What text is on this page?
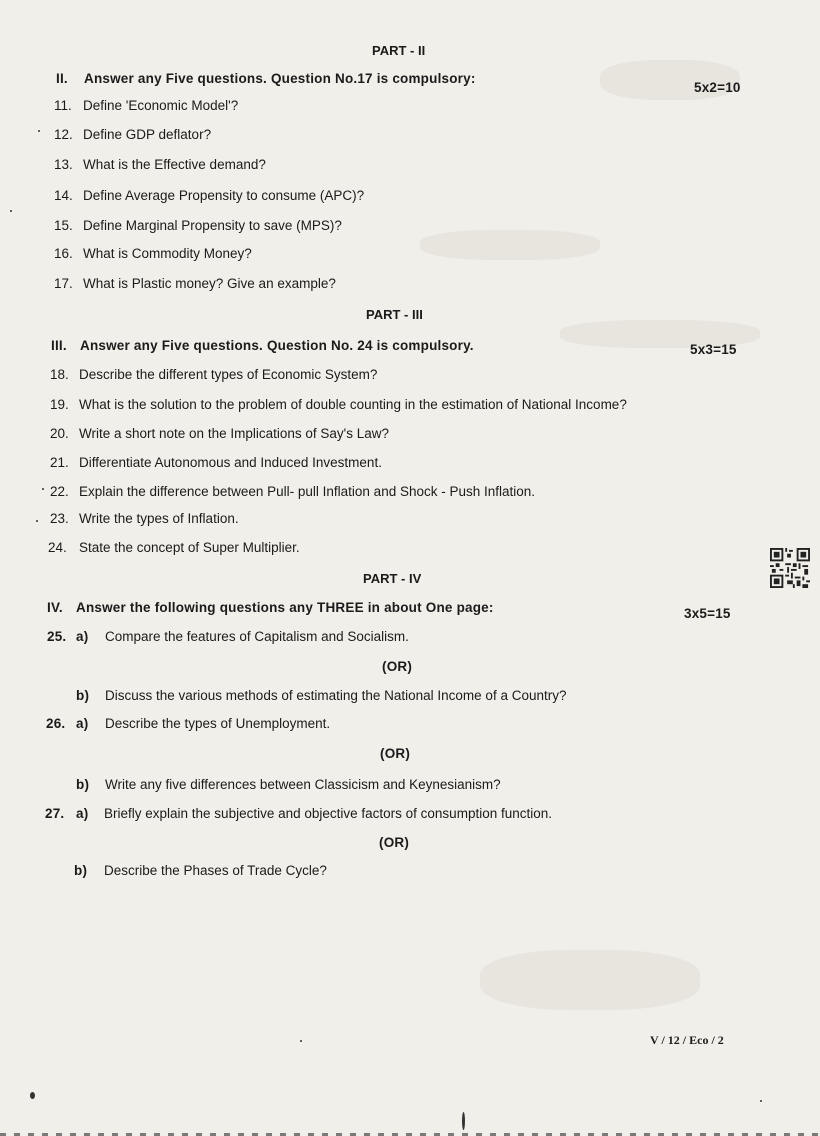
PART - II
II. Answer any Five questions. Question No.17 is compulsory:
5x2=10
11. Define 'Economic Model'?
12. Define GDP deflator?
13. What is the Effective demand?
14. Define Average Propensity to consume (APC)?
15. Define Marginal Propensity to save (MPS)?
16. What is Commodity Money?
17. What is Plastic money? Give an example?
PART - III
III. Answer any Five questions. Question No. 24 is compulsory.	5x3=15
18. Describe the different types of Economic System?
19. What is the solution to the problem of double counting in the estimation of National Income?
20. Write a short note on the Implications of Say's Law?
21. Differentiate Autonomous and Induced Investment.
22. Explain the difference between Pull- pull Inflation and Shock - Push Inflation.
23. Write the types of Inflation.
24. State the concept of Super Multiplier.
PART - IV
IV. Answer the following questions any THREE in about One page:	3x5=15
25. a) Compare the features of Capitalism and Socialism.
(OR)
b) Discuss the various methods of estimating the National Income of a Country?
26. a) Describe the types of Unemployment.
(OR)
b) Write any five differences between Classicism and Keynesianism?
27. a) Briefly explain the subjective and objective factors of consumption function.
(OR)
b) Describe the Phases of Trade Cycle?
V / 12 / Eco / 2
